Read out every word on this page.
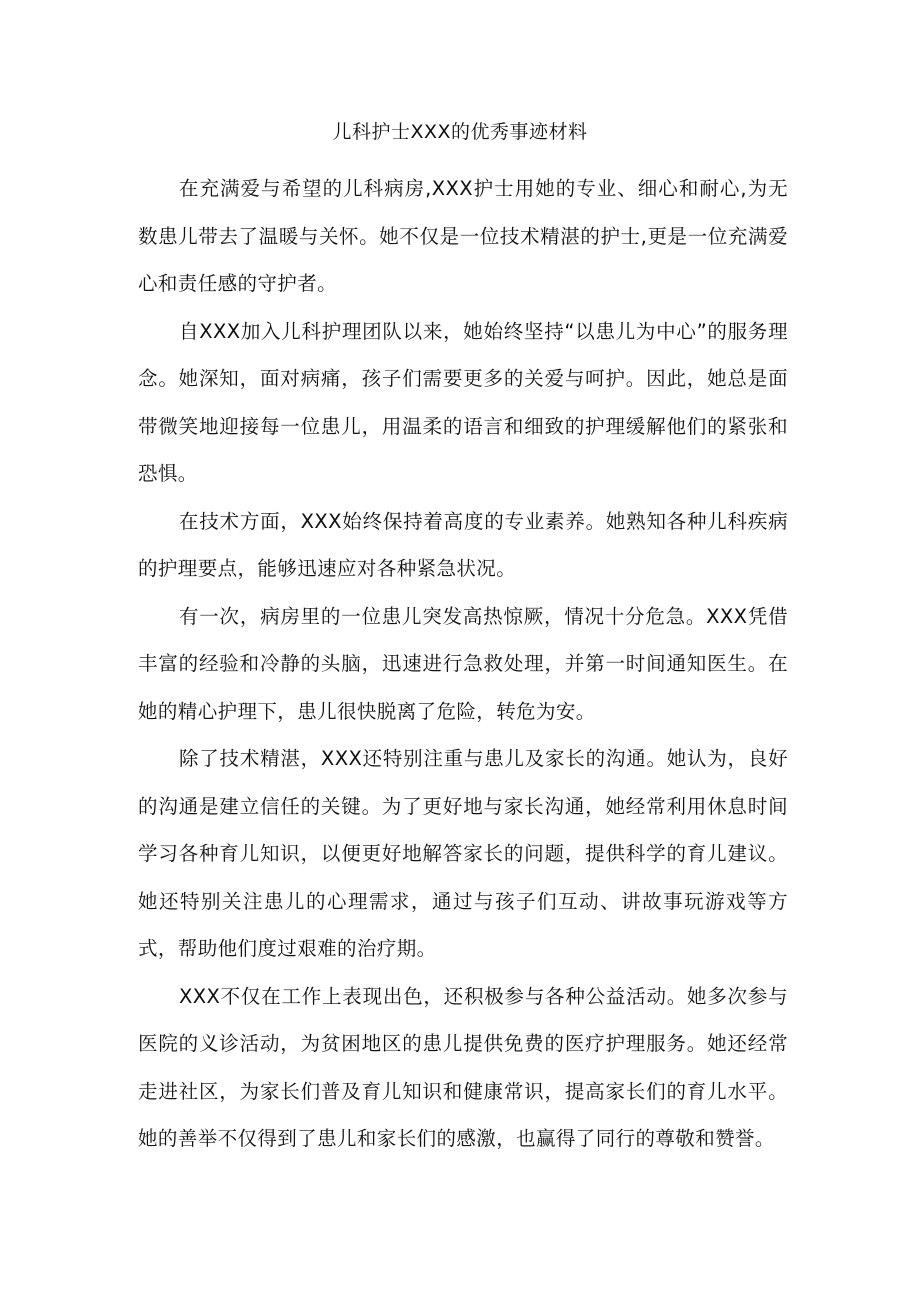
儿科护士XXX的优秀事迹材料

在充满爱与希望的儿科病房,XXX护士用她的专业、细心和耐心,为无数患儿带去了温暖与关怀。她不仅是一位技术精湛的护士,更是一位充满爱心和责任感的守护者。

自XXX加入儿科护理团队以来，她始终坚持“以患儿为中心”的服务理念。她深知，面对病痛，孩子们需要更多的关爱与呵护。因此，她总是面带微笑地迎接每一位患儿，用温柔的语言和细致的护理缓解他们的紧张和恐惧。

在技术方面，XXX始终保持着高度的专业素养。她熟知各种儿科疾病的护理要点，能够迅速应对各种紧急状况。

有一次，病房里的一位患儿突发高热惊厥，情况十分危急。XXX凭借丰富的经验和冷静的头脑，迅速进行急救处理，并第一时间通知医生。在她的精心护理下，患儿很快脱离了危险，转危为安。

除了技术精湛，XXX还特别注重与患儿及家长的沟通。她认为，良好的沟通是建立信任的关键。为了更好地与家长沟通，她经常利用休息时间学习各种育儿知识，以便更好地解答家长的问题，提供科学的育儿建议。她还特别关注患儿的心理需求，通过与孩子们互动、讲故事玩游戏等方式，帮助他们度过艰难的治疗期。

XXX不仅在工作上表现出色，还积极参与各种公益活动。她多次参与医院的义诊活动，为贫困地区的患儿提供免费的医疗护理服务。她还经常走进社区，为家长们普及育儿知识和健康常识，提高家长们的育儿水平。她的善举不仅得到了患儿和家长们的感激，也赢得了同行的尊敬和赞誉。
